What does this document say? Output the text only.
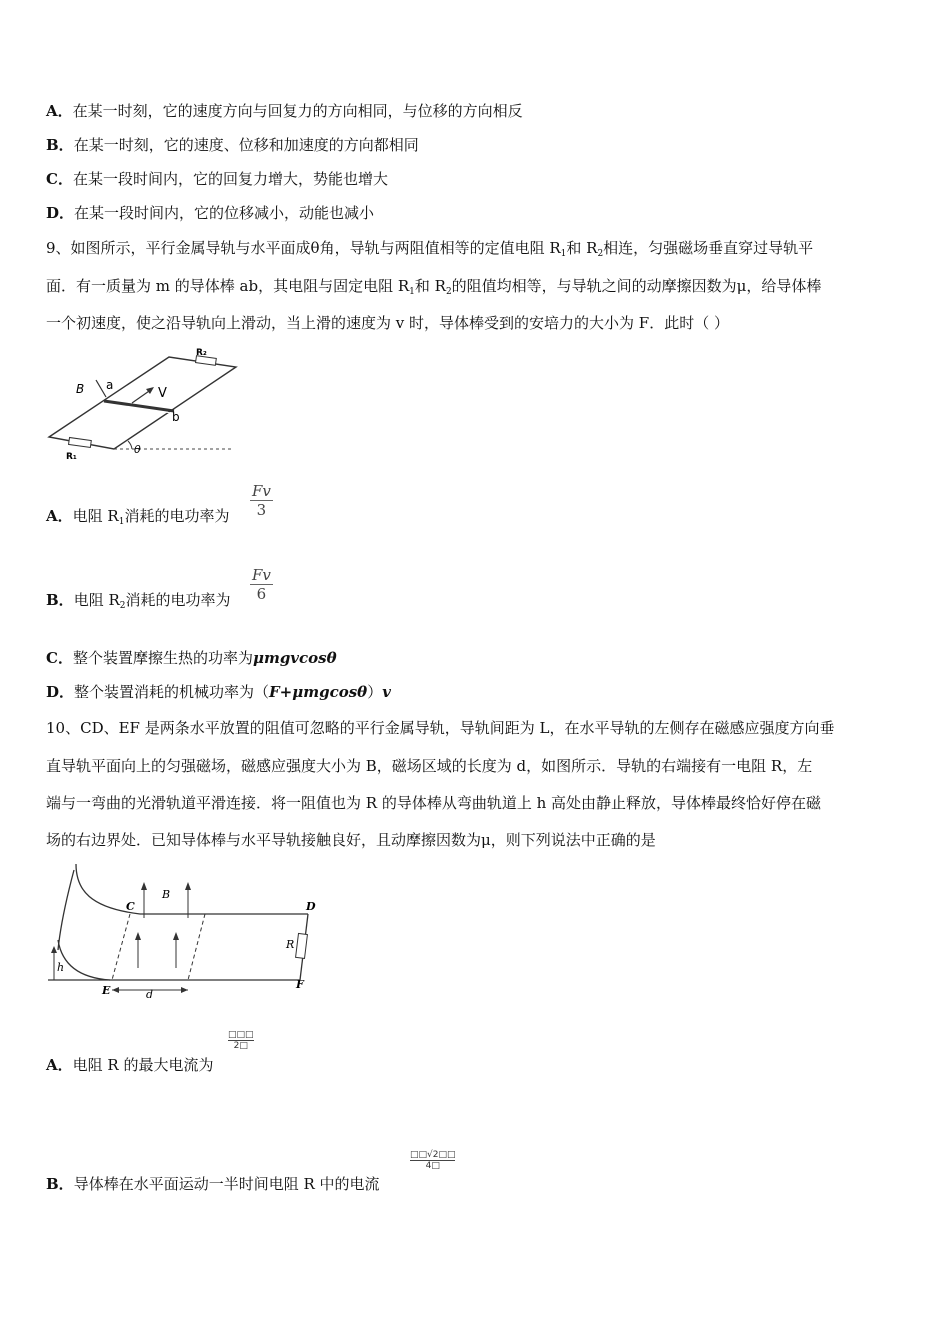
A．在某一时刻，它的速度方向与回复力的方向相同，与位移的方向相反
B．在某一时刻，它的速度、位移和加速度的方向都相同
C．在某一段时间内，它的回复力增大，势能也增大
D．在某一段时间内，它的位移减小，动能也减小
9、如图所示，平行金属导轨与水平面成θ角，导轨与两阻值相等的定值电阻 $R_1$和 $R_2$相连，匀强磁场垂直穿过导轨平
面．有一质量为 m 的导体棒 ab，其电阻与固定电阻 $R_1$和 $R_2$的阻值均相等，与导轨之间的动摩擦因数为μ，给导体棒
一个初速度，使之沿导轨向上滑动，当上滑的速度为 v 时，导体棒受到的安培力的大小为 F．此时（ ）
B a
V
b
θ
R₂
R₁
A．电阻 $R_1$消耗的电功率为
Fv
3
B．电阻 $R_2$消耗的电功率为
Fv
6
C．整个装置摩擦生热的功率为μmgvcosθ
D．整个装置消耗的机械功率为（F+μmgcosθ）v
10、CD、EF 是两条水平放置的阻值可忽略的平行金属导轨，导轨间距为 L，在水平导轨的左侧存在磁感应强度方向垂
直导轨平面向上的匀强磁场，磁感应强度大小为 B，磁场区域的长度为 d，如图所示．导轨的右端接有一电阻 R，左
端与一弯曲的光滑轨道平滑连接．将一阻值也为 R 的导体棒从弯曲轨道上 h 高处由静止释放，导体棒最终恰好停在磁
场的右边界处．已知导体棒与水平导轨接触良好，且动摩擦因数为μ，则下列说法中正确的是
C
B
D
R
h
E	d
F
A．电阻 R 的最大电流为
□□□
2□
B．导体棒在水平面运动一半时间电阻 R 中的电流
□□√2□□
4□
